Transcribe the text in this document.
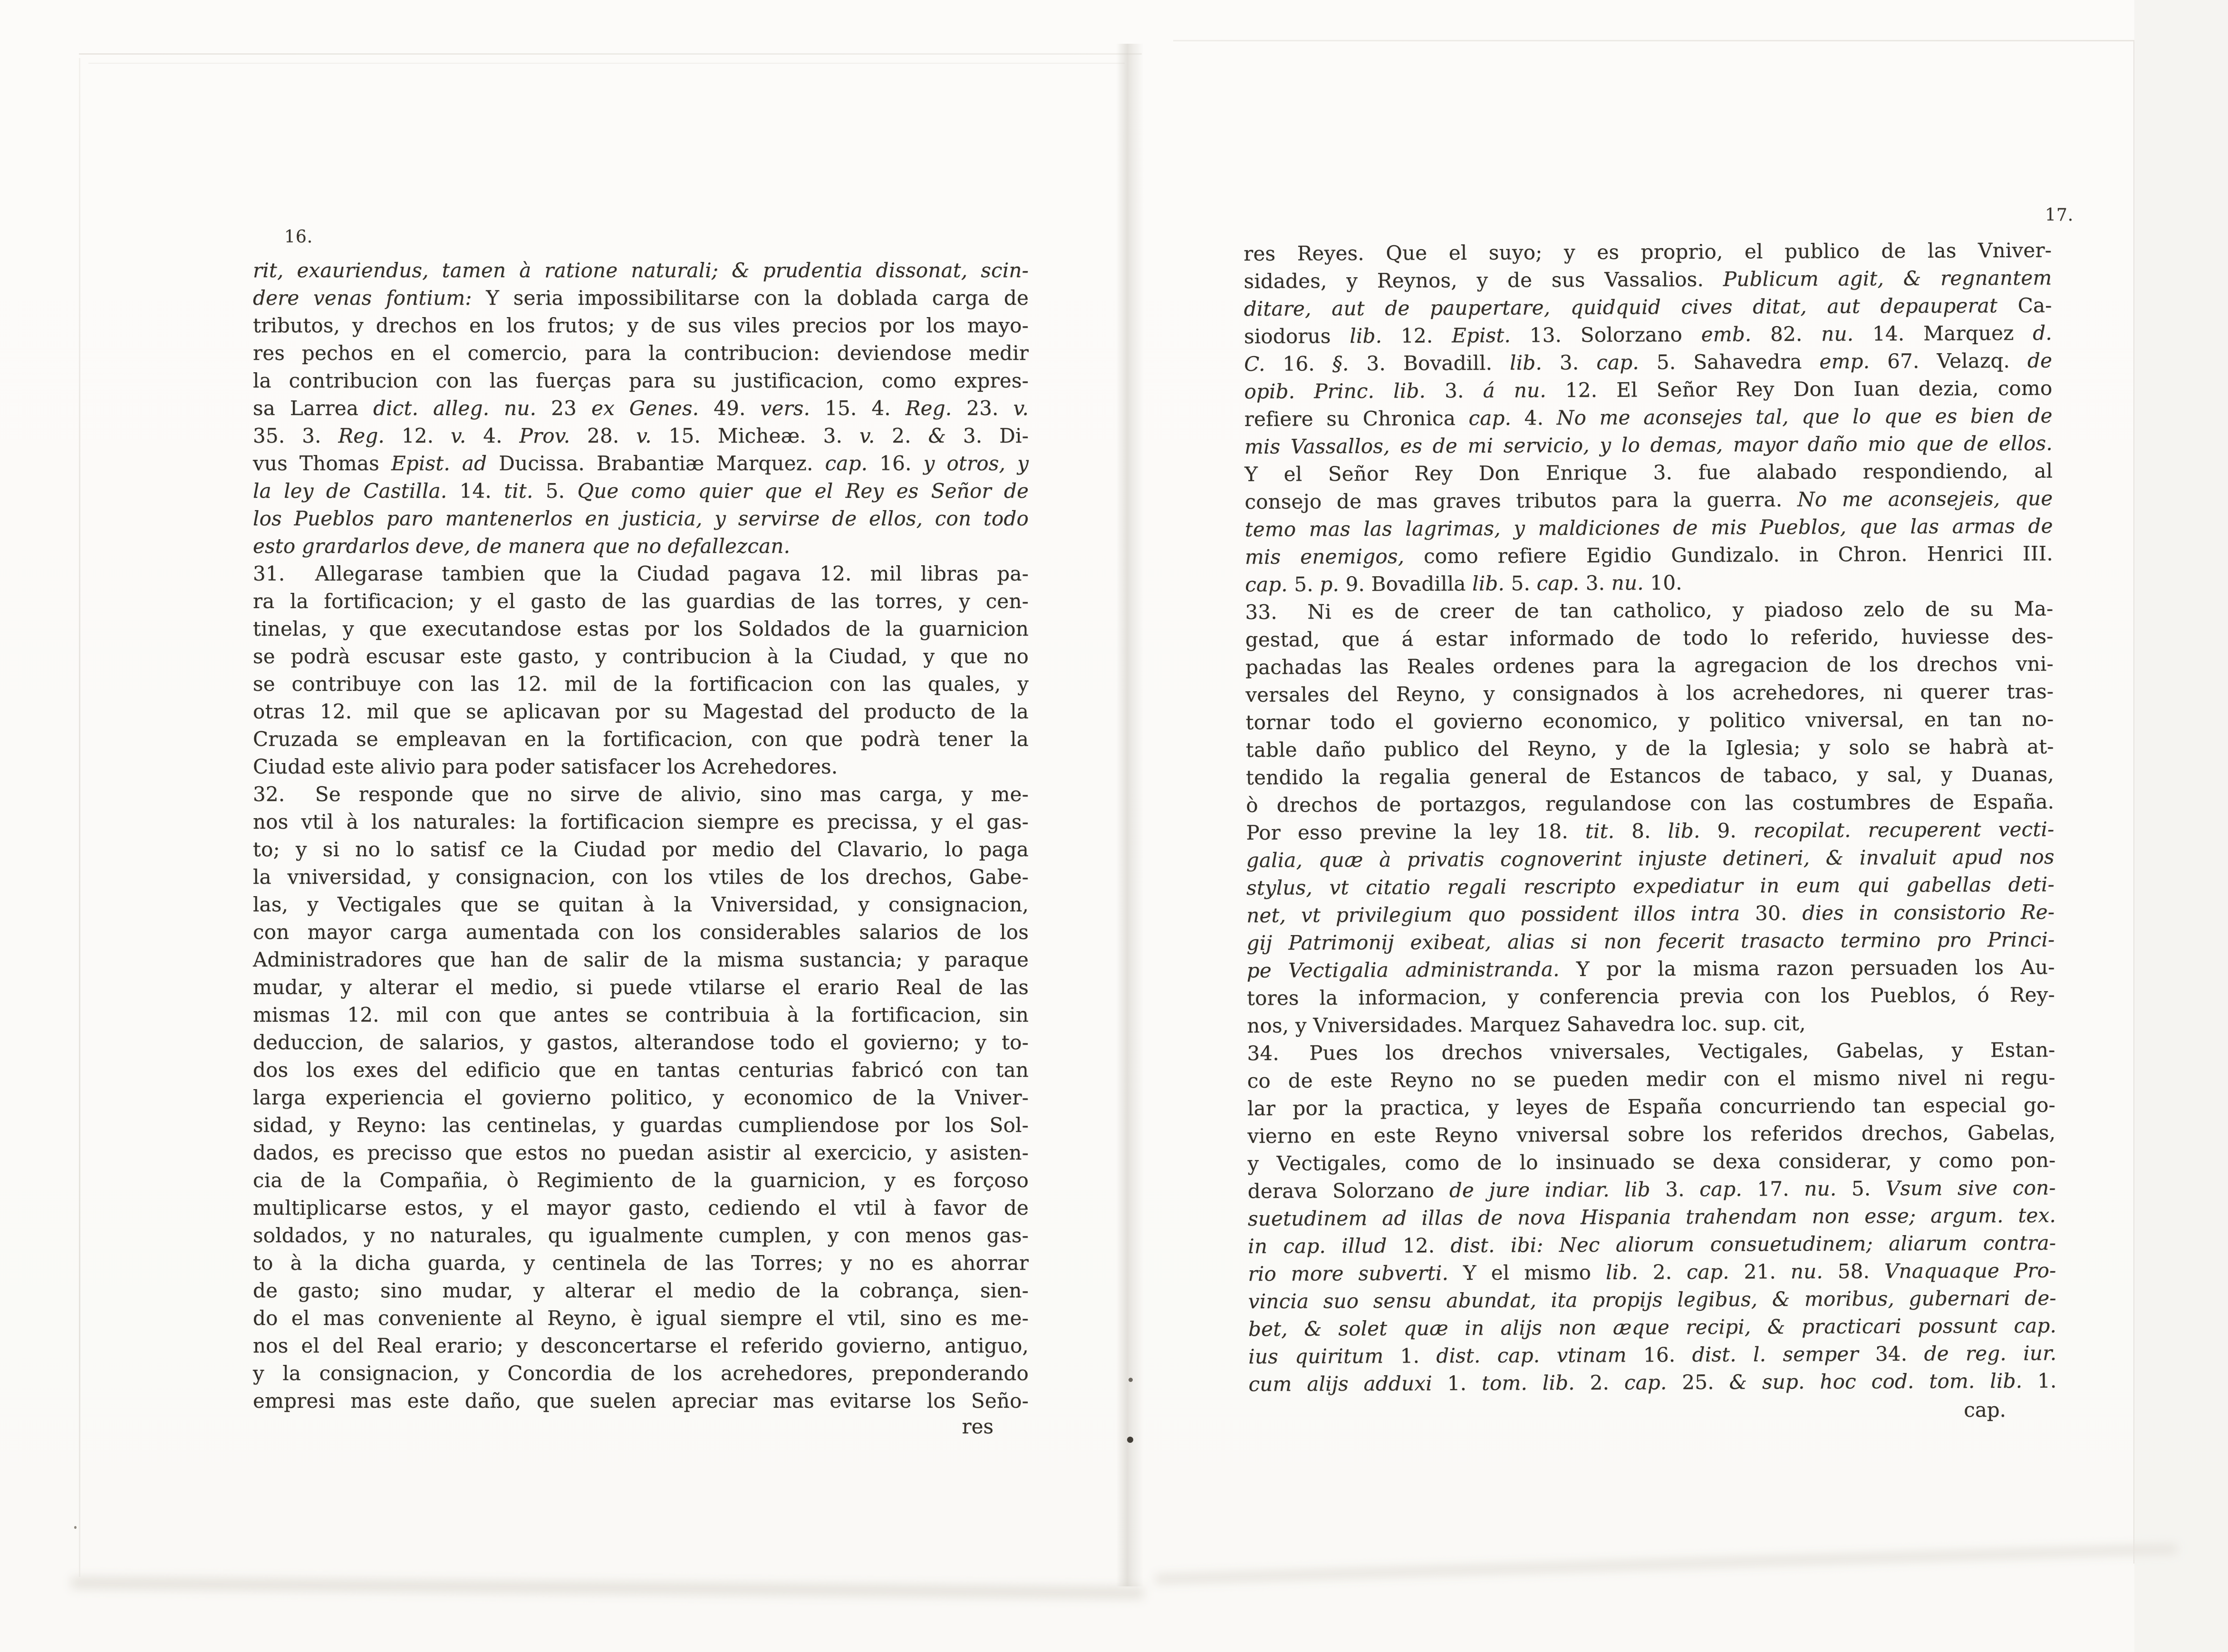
16.
rit, exauriendus, tamen à ratione naturali; & prudentia dissonat, scin-
dere venas fontium: Y seria impossibilitarse con la doblada carga de
tributos, y drechos en los frutos; y de sus viles precios por los mayo-
res pechos en el comercio, para la contribucion: deviendose medir
la contribucion con las fuerças para su justificacion, como expres-
sa Larrea dict. alleg. nu. 23 ex Genes. 49. vers. 15. 4. Reg. 23. v.
35. 3. Reg. 12. v. 4. Prov. 28. v. 15. Micheæ. 3. v. 2. & 3. Di-
vus Thomas Epist. ad Ducissa. Brabantiæ Marquez. cap. 16. y otros, y
la ley de Castilla. 14. tit. 5. Que como quier que el Rey es Señor de
los Pueblos paro mantenerlos en justicia, y servirse de ellos, con todo
esto grardarlos deve, de manera que no defallezcan.
31.  Allegarase tambien que la Ciudad pagava 12. mil libras pa-
ra la fortificacion; y el gasto de las guardias de las torres, y cen-
tinelas, y que executandose estas por los Soldados de la guarnicion
se podrà escusar este gasto, y contribucion à la Ciudad, y que no
se contribuye con las 12. mil de la fortificacion con las quales, y
otras 12. mil que se aplicavan por su Magestad del producto de la
Cruzada se empleavan en la fortificacion, con que podrà tener la
Ciudad este alivio para poder satisfacer los Acrehedores.
32.  Se responde que no sirve de alivio, sino mas carga, y me-
nos vtil à los naturales: la fortificacion siempre es precissa, y el gas-
to; y si no lo satisf ce la Ciudad por medio del Clavario, lo paga
la vniversidad, y consignacion, con los vtiles de los drechos, Gabe-
las, y Vectigales que se quitan à la Vniversidad, y consignacion,
con mayor carga aumentada con los considerables salarios de los
Administradores que han de salir de la misma sustancia; y paraque
mudar, y alterar el medio, si puede vtilarse el erario Real de las
mismas 12. mil con que antes se contribuia à la fortificacion, sin
deduccion, de salarios, y gastos, alterandose todo el govierno; y to-
dos los exes del edificio que en tantas centurias fabricó con tan
larga experiencia el govierno politico, y economico de la Vniver-
sidad, y Reyno: las centinelas, y guardas cumpliendose por los Sol-
dados, es precisso que estos no puedan asistir al exercicio, y asisten-
cia de la Compañia, ò Regimiento de la guarnicion, y es forçoso
multiplicarse estos, y el mayor gasto, cediendo el vtil à favor de
soldados, y no naturales, qu igualmente cumplen, y con menos gas-
to à la dicha guarda, y centinela de las Torres; y no es ahorrar
de gasto; sino mudar, y alterar el medio de la cobrança, sien-
do el mas conveniente al Reyno, è igual siempre el vtil, sino es me-
nos el del Real erario; y desconcertarse el referido govierno, antiguo,
y la consignacion, y Concordia de los acrehedores, preponderando
empresi mas este daño, que suelen apreciar mas evitarse los Seño-
res
17.
res Reyes. Que el suyo; y es proprio, el publico de las Vniver-
sidades, y Reynos, y de sus Vassalios. Publicum agit, & regnantem
ditare, aut de paupertare, quidquid cives ditat, aut depauperat Ca-
siodorus lib. 12. Epist. 13. Solorzano emb. 82. nu. 14. Marquez d.
C. 16. §. 3. Bovadill. lib. 3. cap. 5. Sahavedra emp. 67. Velazq. de
opib. Princ. lib. 3. á nu. 12. El Señor Rey Don Iuan dezia, como
refiere su Chronica cap. 4. No me aconsejes tal, que lo que es bien de
mis Vassallos, es de mi servicio, y lo demas, mayor daño mio que de ellos.
Y el Señor Rey Don Enrique 3. fue alabado respondiendo, al
consejo de mas graves tributos para la guerra. No me aconsejeis, que
temo mas las lagrimas, y maldiciones de mis Pueblos, que las armas de
mis enemigos, como refiere Egidio Gundizalo. in Chron. Henrici III.
cap. 5. p. 9. Bovadilla lib. 5. cap. 3. nu. 10.
33.  Ni es de creer de tan catholico, y piadoso zelo de su Ma-
gestad, que á estar informado de todo lo referido, huviesse des-
pachadas las Reales ordenes para la agregacion de los drechos vni-
versales del Reyno, y consignados à los acrehedores, ni querer tras-
tornar todo el govierno economico, y politico vniversal, en tan no-
table daño publico del Reyno, y de la Iglesia; y solo se habrà at-
tendido la regalia general de Estancos de tabaco, y sal, y Duanas,
ò drechos de portazgos, regulandose con las costumbres de España.
Por esso previne la ley 18. tit. 8. lib. 9. recopilat. recuperent vecti-
galia, quæ à privatis cognoverint injuste detineri, & invaluit apud nos
stylus, vt citatio regali rescripto expediatur in eum qui gabellas deti-
net, vt privilegium quo possident illos intra 30. dies in consistorio Re-
gij Patrimonij exibeat, alias si non fecerit trasacto termino pro Princi-
pe Vectigalia administranda. Y por la misma razon persuaden los Au-
tores la informacion, y conferencia previa con los Pueblos, ó Rey-
nos, y Vniversidades. Marquez Sahavedra loc. sup. cit,
34.  Pues los drechos vniversales, Vectigales, Gabelas, y Estan-
co de este Reyno no se pueden medir con el mismo nivel ni regu-
lar por la practica, y leyes de España concurriendo tan especial go-
vierno en este Reyno vniversal sobre los referidos drechos, Gabelas,
y Vectigales, como de lo insinuado se dexa considerar, y como pon-
derava Solorzano de jure indiar. lib 3. cap. 17. nu. 5. Vsum sive con-
suetudinem ad illas de nova Hispania trahendam non esse; argum. tex.
in cap. illud 12. dist. ibi: Nec aliorum consuetudinem; aliarum contra-
rio more subverti. Y el mismo lib. 2. cap. 21. nu. 58. Vnaquaque Pro-
vincia suo sensu abundat, ita propijs legibus, & moribus, gubernari de-
bet, & solet quæ in alijs non æque recipi, & practicari possunt cap.
ius quiritum 1. dist. cap. vtinam 16. dist. l. semper 34. de reg. iur.
cum alijs adduxi 1. tom. lib. 2. cap. 25. & sup. hoc cod. tom. lib. 1.
cap.
